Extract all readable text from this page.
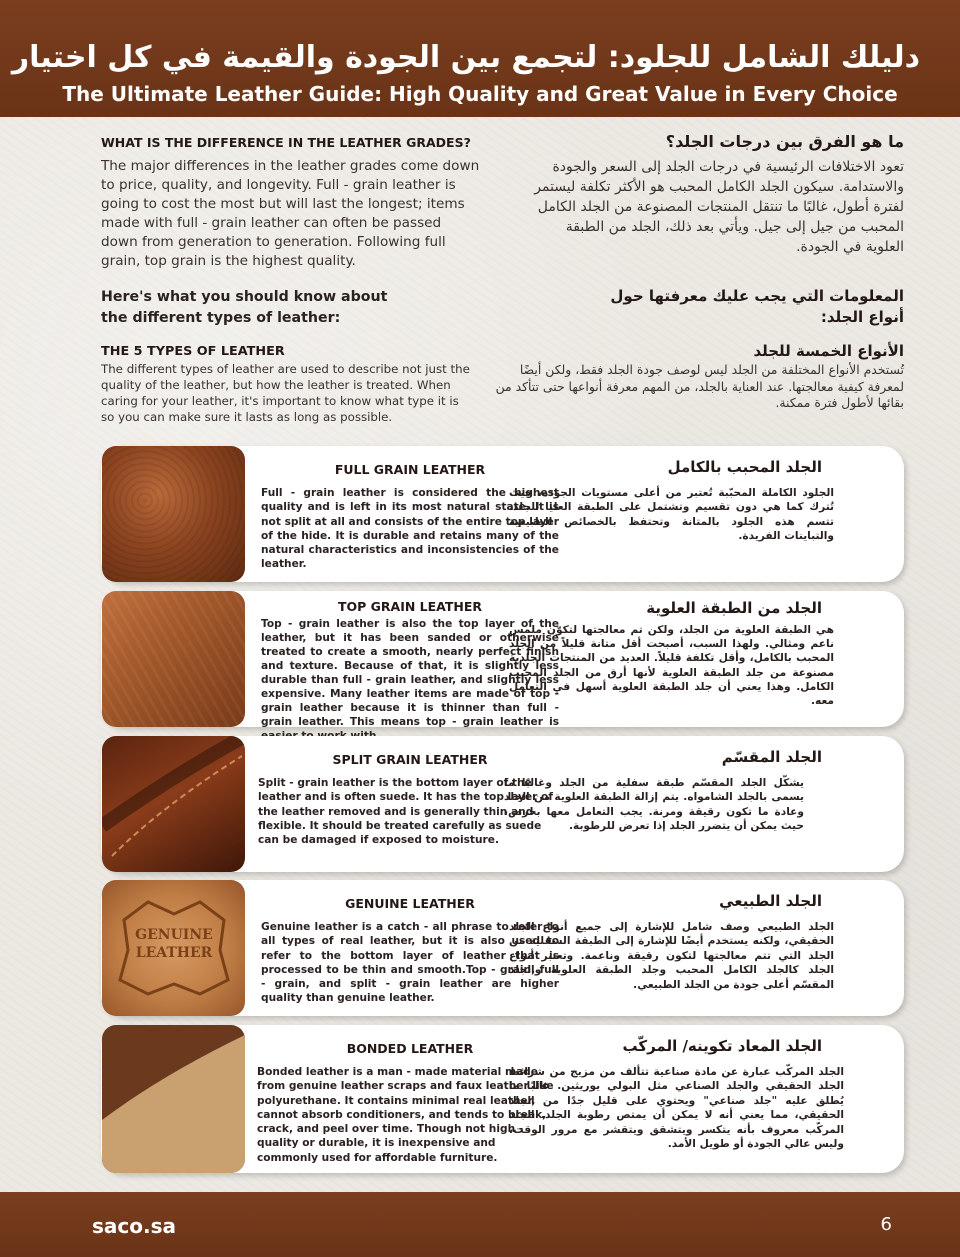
دليلك الشامل للجلود: لتجمع بين الجودة والقيمة في كل اختيار
The Ultimate Leather Guide: High Quality and Great Value in Every Choice
WHAT IS THE DIFFERENCE IN THE LEATHER GRADES?
The major differences in the leather grades come down to price, quality, and longevity. Full - grain leather is going to cost the most but will last the longest; items made with full - grain leather can often be passed down from generation to generation. Following full grain, top grain is the highest quality.
Here's what you should know about the different types of leather:
THE 5 TYPES OF LEATHER
The different types of leather are used to describe not just the quality of the leather, but how the leather is treated. When caring for your leather, it's important to know what type it is so you can make sure it lasts as long as possible.
ما هو الفرق بين درجات الجلد؟
تعود الاختلافات الرئيسية في درجات الجلد إلى السعر والجودة والاستدامة. سيكون الجلد الكامل المحبب هو الأكثر تكلفة ليستمر لفترة أطول، غالبًا ما تنتقل المنتجات المصنوعة من الجلد الكامل المحبب من جيل إلى جيل. ويأتي بعد ذلك، الجلد من الطبقة العلوية في الجودة.
المعلومات التي يجب عليك معرفتها حول أنواع الجلد:
الأنواع الخمسة للجلد
تُستخدم الأنواع المختلفة من الجلد ليس لوصف جودة الجلد فقط، ولكن أيضًا لمعرفة كيفية معالجتها. عند العناية بالجلد، من المهم معرفة أنواعها حتى تتأكد من بقائها لأطول فترة ممكنة.
FULL GRAIN LEATHER
Full - grain leather is considered the highest quality and is left in its most natural state. It is not split at all and consists of the entire top layer of the hide. It is durable and retains many of the natural characteristics and inconsistencies of the leather.
الجلد المحبب بالكامل
الجلود الكاملة المحبّبة تُعتبر من أعلى مستويات الجودة، حيث تُترك كما هي دون تقسيم وتشتمل على الطبقة العليا للجلد. تتسم هذه الجلود بالمتانة وتحتفظ بالخصائص الطبيعية والتباينات الفريدة.
TOP GRAIN LEATHER
Top - grain leather is also the top layer of the leather, but it has been sanded or otherwise treated to create a smooth, nearly perfect finish and texture. Because of that, it is slightly less durable than full - grain leather, and slightly less expensive. Many leather items are made of top - grain leather because it is thinner than full - grain leather. This means top - grain leather is
الجلد من الطبقة العلوية
هي الطبقة العلوية من الجلد، ولكن تم معالجتها لتكوّن ملمس ناعم ومثالي. ولهذا السبب، أصبحت أقل متانة قليلاً من الجلد المحبب بالكامل، وأقل تكلفة قليلاً. العديد من المنتجات الجلدية مصنوعة من جلد الطبقة العلوية لأنها أرق من الجلد المحبب الكامل. وهذا يعني أن جلد الطبقة العلوية أسهل في التعامل معه.
SPLIT GRAIN LEATHER
Split - grain leather is the bottom layer of the leather and is often suede. It has the top layer of the leather removed and is generally thin and flexible. It should be treated carefully as suede can be damaged if exposed to moisture.
الجلد المقسّم
يشكّل الجلد المقسّم طبقة سفلية من الجلد وغالبًا ما يسمى بالجلد الشامواه. يتم إزالة الطبقة العلوية من الجلد وعادة ما تكون رقيقة ومرنة. يجب التعامل معها بحرص، حيث يمكن أن يتضرر الجلد إذا تعرض للرطوبة.
GENUINE LEATHER
GENUINE LEATHER
Genuine leather is a catch - all phrase to refer to all types of real leather, but it is also used to refer to the bottom layer of leather that is processed to be thin and smooth.Top - grain, full - grain, and split - grain leather are higher quality than genuine leather.
الجلد الطبيعي
الجلد الطبيعي وصف شامل للإشارة إلى جميع أنواع الجلد الحقيقي، ولكنه يستخدم أيضًا للإشارة إلى الطبقة السفلية من الجلد التي تتم معالجتها لتكون رقيقة وناعمة. وتعتبر أنواع الجلد كالجلد الكامل المحبب وجلد الطبقة العلوية والجلد المقسّم أعلى جودة من الجلد الطبيعي.
BONDED LEATHER
Bonded leather is a man - made material made from genuine leather scraps and faux leather like polyurethane. It contains minimal real leather, cannot absorb conditioners, and tends to break, crack, and peel over time. Though not high - quality or durable, it is inexpensive and commonly used for affordable furniture.
الجلد المعاد تكوينه/ المركّب
الجلد المركّب عبارة عن مادة صناعية تتألف من مزيج من شرائط الجلد الحقيقي والجلد الصناعي مثل البولي يوريثين. غالبًا ما يُطلق عليه "جلد صناعي" ويحتوي على قليل جدًا من الجلد الحقيقي، مما يعني أنه لا يمكن أن يمتص رطوبة الجلد. الجلد المركّب معروف بأنه يتكسر ويتشقق ويتقشر مع مرور الوقت، وليس عالي الجودة أو طويل الأمد.
saco.sa	6
